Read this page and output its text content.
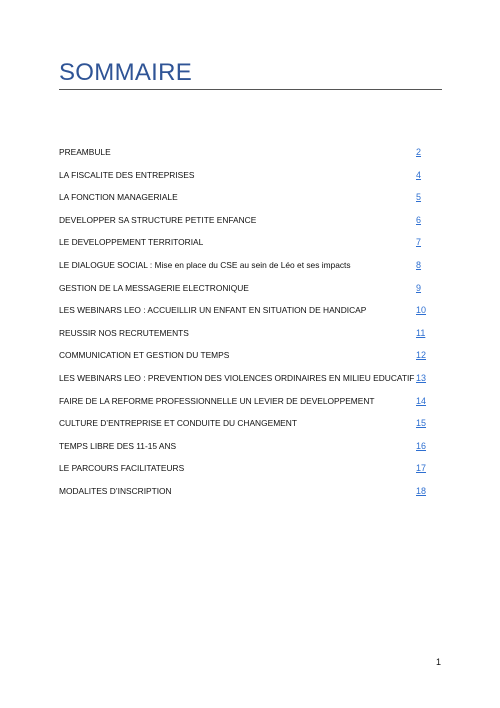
SOMMAIRE
PREAMBULE	2
LA FISCALITE DES ENTREPRISES	4
LA FONCTION MANAGERIALE	5
DEVELOPPER SA STRUCTURE PETITE ENFANCE	6
LE DEVELOPPEMENT TERRITORIAL	7
LE DIALOGUE SOCIAL : Mise en place du CSE au sein de Léo et ses impacts	8
GESTION DE LA MESSAGERIE ELECTRONIQUE	9
LES WEBINARS LEO : ACCUEILLIR UN ENFANT EN SITUATION DE HANDICAP	10
REUSSIR NOS RECRUTEMENTS	11
COMMUNICATION ET GESTION DU TEMPS	12
LES WEBINARS LEO : PREVENTION DES VIOLENCES ORDINAIRES EN MILIEU EDUCATIF 13
FAIRE DE LA REFORME PROFESSIONNELLE UN LEVIER DE DEVELOPPEMENT	14
CULTURE D’ENTREPRISE ET CONDUITE DU CHANGEMENT	15
TEMPS LIBRE DES 11-15 ANS	16
LE PARCOURS FACILITATEURS	17
MODALITES D’INSCRIPTION	18
1
